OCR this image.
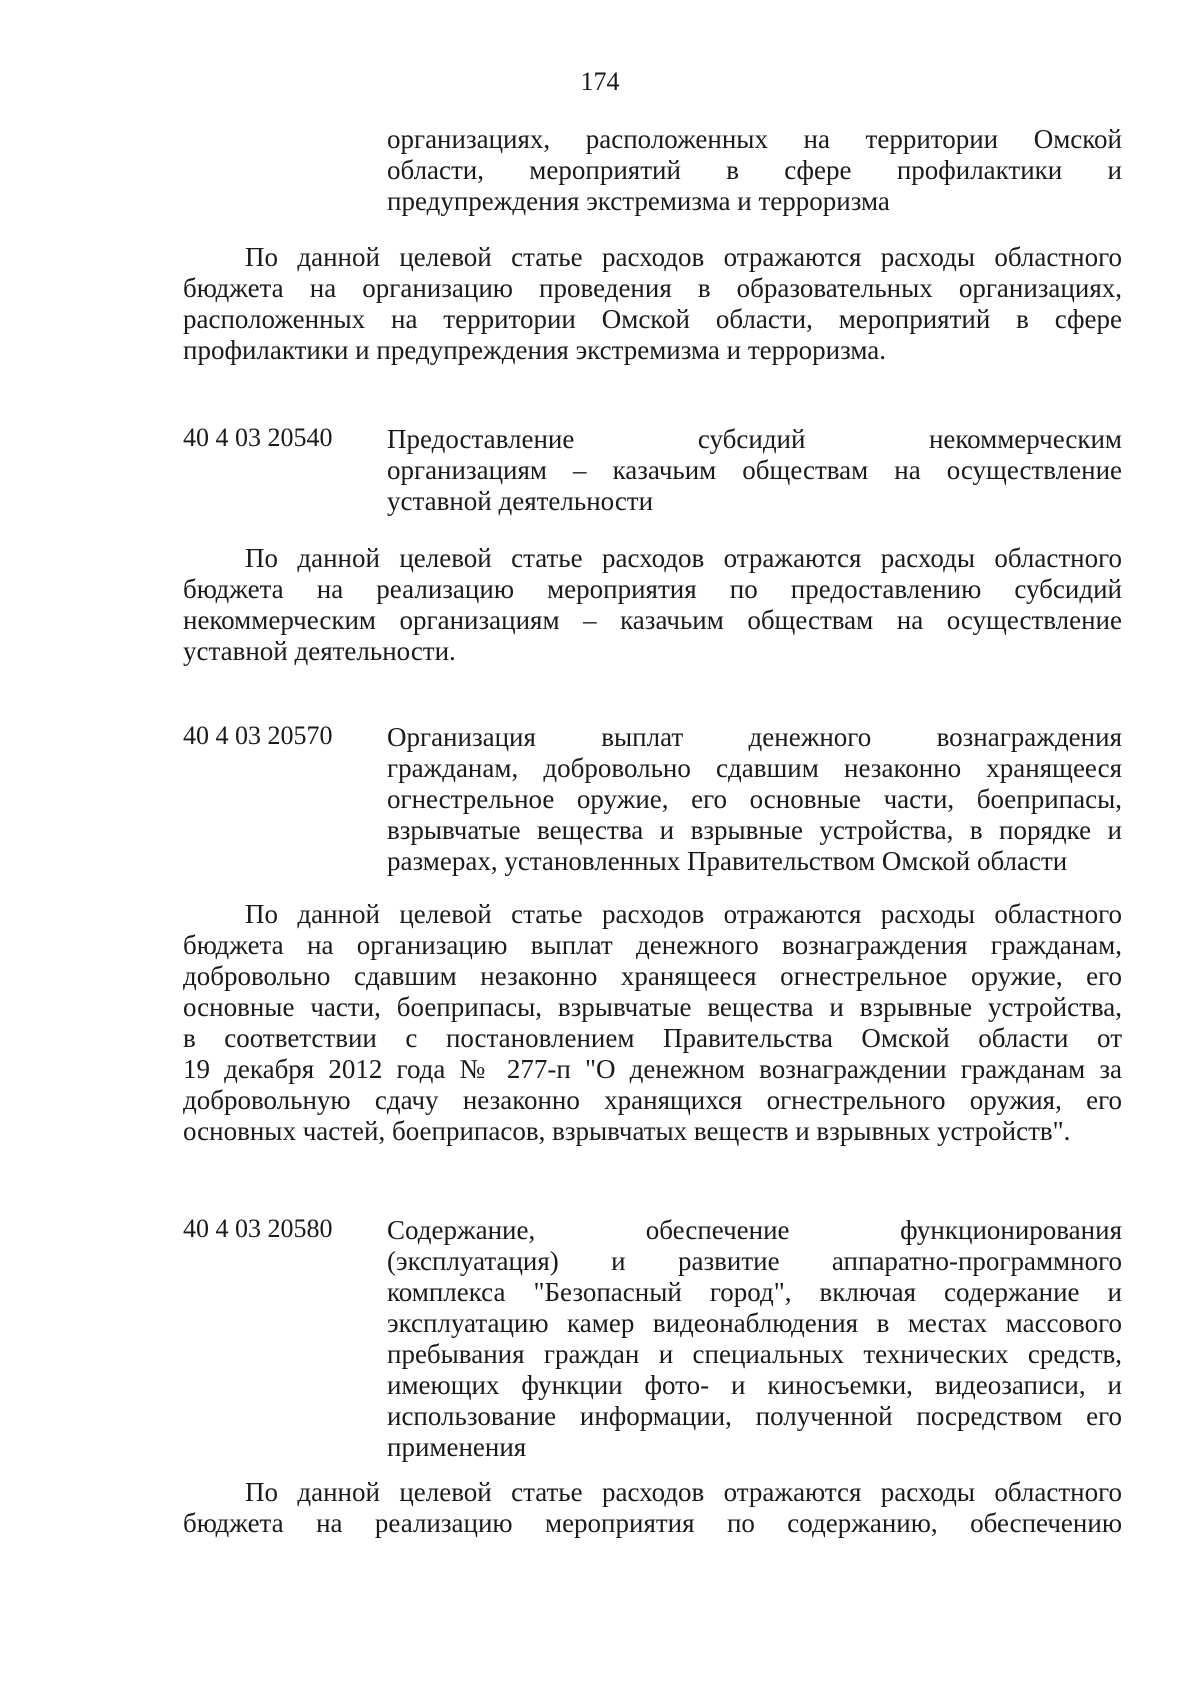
174
организациях, расположенных на территории Омской
области, мероприятий в сфере профилактики и
предупреждения экстремизма и терроризма
По данной целевой статье расходов отражаются расходы областного
бюджета на организацию проведения в образовательных организациях,
расположенных на территории Омской области, мероприятий в сфере
профилактики и предупреждения экстремизма и терроризма.
40 4 03 20540 Предоставление субсидий некоммерческим
организациям – казачьим обществам на осуществление
уставной деятельности
По данной целевой статье расходов отражаются расходы областного
бюджета на реализацию мероприятия по предоставлению субсидий
некоммерческим организациям – казачьим обществам на осуществление
уставной деятельности.
40 4 03 20570 Организация выплат денежного вознаграждения
гражданам, добровольно сдавшим незаконно хранящееся
огнестрельное оружие, его основные части, боеприпасы,
взрывчатые вещества и взрывные устройства, в порядке и
размерах, установленных Правительством Омской области
По данной целевой статье расходов отражаются расходы областного
бюджета на организацию выплат денежного вознаграждения гражданам,
добровольно сдавшим незаконно хранящееся огнестрельное оружие, его
основные части, боеприпасы, взрывчатые вещества и взрывные устройства,
в соответствии с постановлением Правительства Омской области от
19 декабря 2012 года № 277-п "О денежном вознаграждении гражданам за
добровольную сдачу незаконно хранящихся огнестрельного оружия, его
основных частей, боеприпасов, взрывчатых веществ и взрывных устройств".
40 4 03 20580 Содержание, обеспечение функционирования
(эксплуатация) и развитие аппаратно-программного
комплекса "Безопасный город", включая содержание и
эксплуатацию камер видеонаблюдения в местах массового
пребывания граждан и специальных технических средств,
имеющих функции фото- и киносъемки, видеозаписи, и
использование информации, полученной посредством его
применения
По данной целевой статье расходов отражаются расходы областного
бюджета на реализацию мероприятия по содержанию, обеспечению
